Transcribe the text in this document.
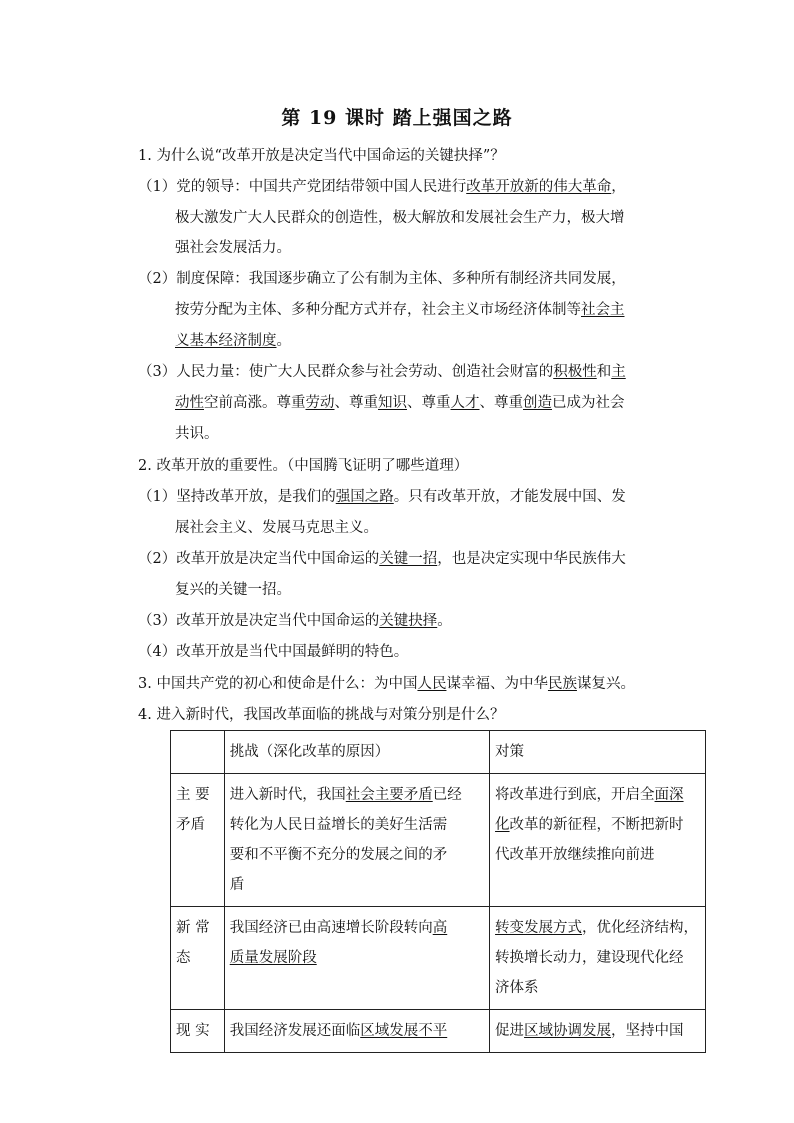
第 19 课时 踏上强国之路
1. 为什么说“改革开放是决定当代中国命运的关键抉择”？
（1）党的领导：中国共产党团结带领中国人民进行改革开放新的伟大革命，
极大激发广大人民群众的创造性，极大解放和发展社会生产力，极大增
强社会发展活力。
（2）制度保障：我国逐步确立了公有制为主体、多种所有制经济共同发展，
按劳分配为主体、多种分配方式并存，社会主义市场经济体制等社会主
义基本经济制度。
（3）人民力量：使广大人民群众参与社会劳动、创造社会财富的积极性和主
动性空前高涨。尊重劳动、尊重知识、尊重人才、尊重创造已成为社会
共识。
2. 改革开放的重要性。（中国腾飞证明了哪些道理）
（1）坚持改革开放，是我们的强国之路。只有改革开放，才能发展中国、发
展社会主义、发展马克思主义。
（2）改革开放是决定当代中国命运的关键一招，也是决定实现中华民族伟大
复兴的关键一招。
（3）改革开放是决定当代中国命运的关键抉择。
（4）改革开放是当代中国最鲜明的特色。
3. 中国共产党的初心和使命是什么：为中国人民谋幸福、为中华民族谋复兴。
4. 进入新时代，我国改革面临的挑战与对策分别是什么？
	挑战（深化改革的原因）	对策

主 要
矛盾	进入新时代，我国社会主要矛盾已经
转化为人民日益增长的美好生活需
要和不平衡不充分的发展之间的矛
盾	将改革进行到底，开启全面深
化改革的新征程，不断把新时
代改革开放继续推向前进

新 常
态	我国经济已由高速增长阶段转向高
质量发展阶段	转变发展方式，优化经济结构，
转换增长动力，建设现代化经
济体系

现 实	我国经济发展还面临区域发展不平	促进区域协调发展，坚持中国
